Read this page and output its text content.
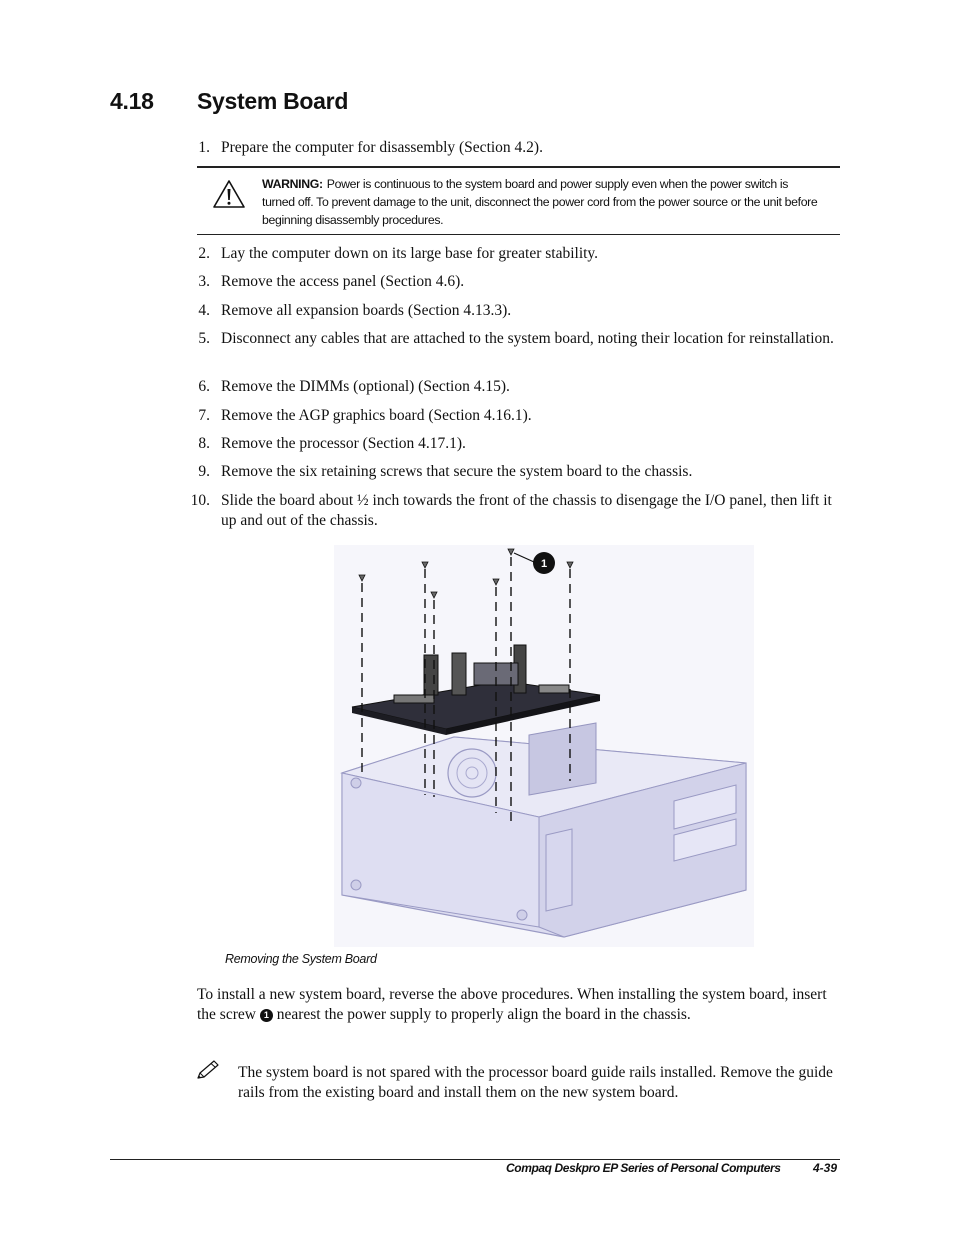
4.18 System Board
1. Prepare the computer for disassembly (Section 4.2).
WARNING: Power is continuous to the system board and power supply even when the power switch is turned off. To prevent damage to the unit, disconnect the power cord from the power source or the unit before beginning disassembly procedures.
2. Lay the computer down on its large base for greater stability.
3. Remove the access panel (Section 4.6).
4. Remove all expansion boards (Section 4.13.3).
5. Disconnect any cables that are attached to the system board, noting their location for reinstallation.
6. Remove the DIMMs (optional) (Section 4.15).
7. Remove the AGP graphics board (Section 4.16.1).
8. Remove the processor (Section 4.17.1).
9. Remove the six retaining screws that secure the system board to the chassis.
10. Slide the board about ½ inch towards the front of the chassis to disengage the I/O panel, then lift it up and out of the chassis.
1
Removing the System Board
To install a new system board, reverse the above procedures. When installing the system board, insert the screw 1 nearest the power supply to properly align the board in the chassis.
The system board is not spared with the processor board guide rails installed. Remove the guide rails from the existing board and install them on the new system board.
Compaq Deskpro EP Series of Personal Computers	4-39
